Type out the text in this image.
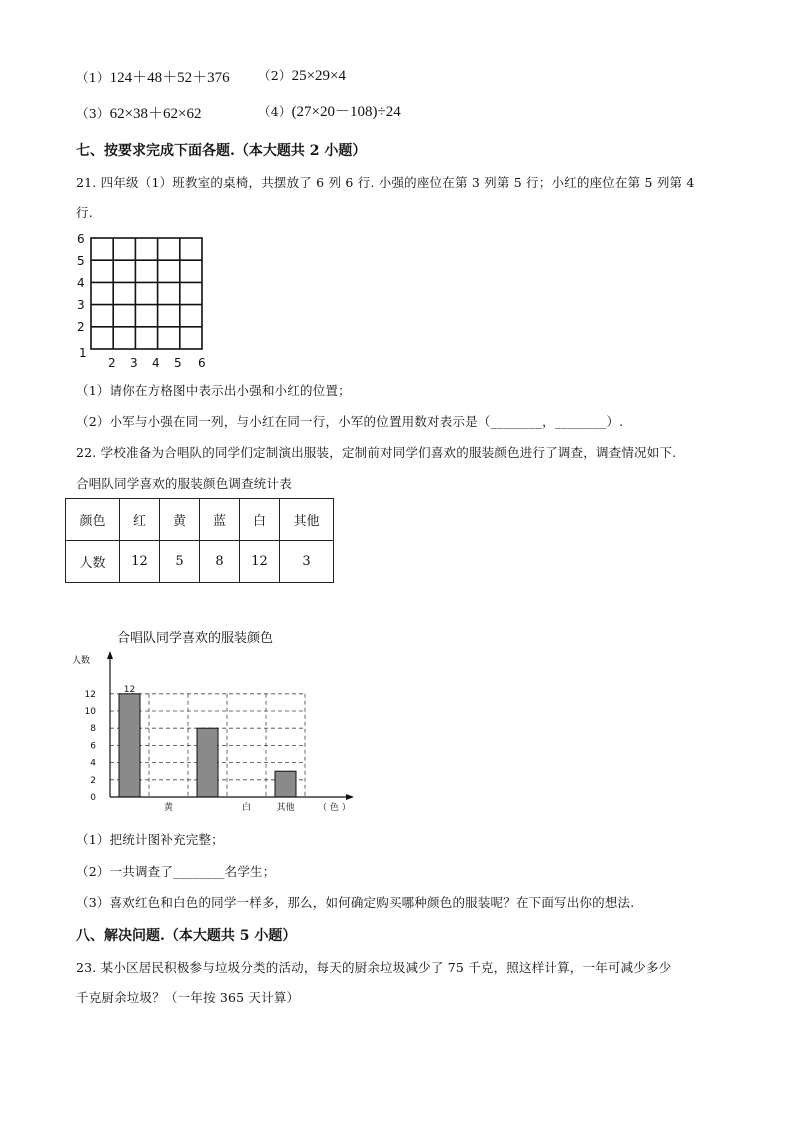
（1）124＋48＋52＋376 （2）25×29×4
（3）62×38＋62×62	（4）(27×20－108)÷24
七、按要求完成下面各题.（本大题共 2 小题）
21. 四年级（1）班教室的桌椅，共摆放了 6 列 6 行. 小强的座位在第 3 列第 5 行；小红的座位在第 5 列第 4
行.
6
5
4
3
2
1
2 3 4 5 6
（1）请你在方格图中表示出小强和小红的位置；
（2）小军与小强在同一列，与小红在同一行，小军的位置用数对表示是（________，________）.
22. 学校准备为合唱队的同学们定制演出服装，定制前对同学们喜欢的服装颜色进行了调查，调查情况如下.
合唱队同学喜欢的服装颜色调查统计表
颜色	红	黄	蓝	白	其他
人数	12	5	8	12	3
合唱队同学喜欢的服装颜色
12
0
2
4
6
8
10
12
人数
黄	白	其他	（ 色 ）
（1）把统计图补充完整；
（2）一共调查了________名学生；
（3）喜欢红色和白色的同学一样多，那么，如何确定购买哪种颜色的服装呢？在下面写出你的想法.
八、解决问题.（本大题共 5 小题）
23. 某小区居民积极参与垃圾分类的活动，每天的厨余垃圾减少了 75 千克，照这样计算，一年可减少多少
千克厨余垃圾？（一年按 365 天计算）
